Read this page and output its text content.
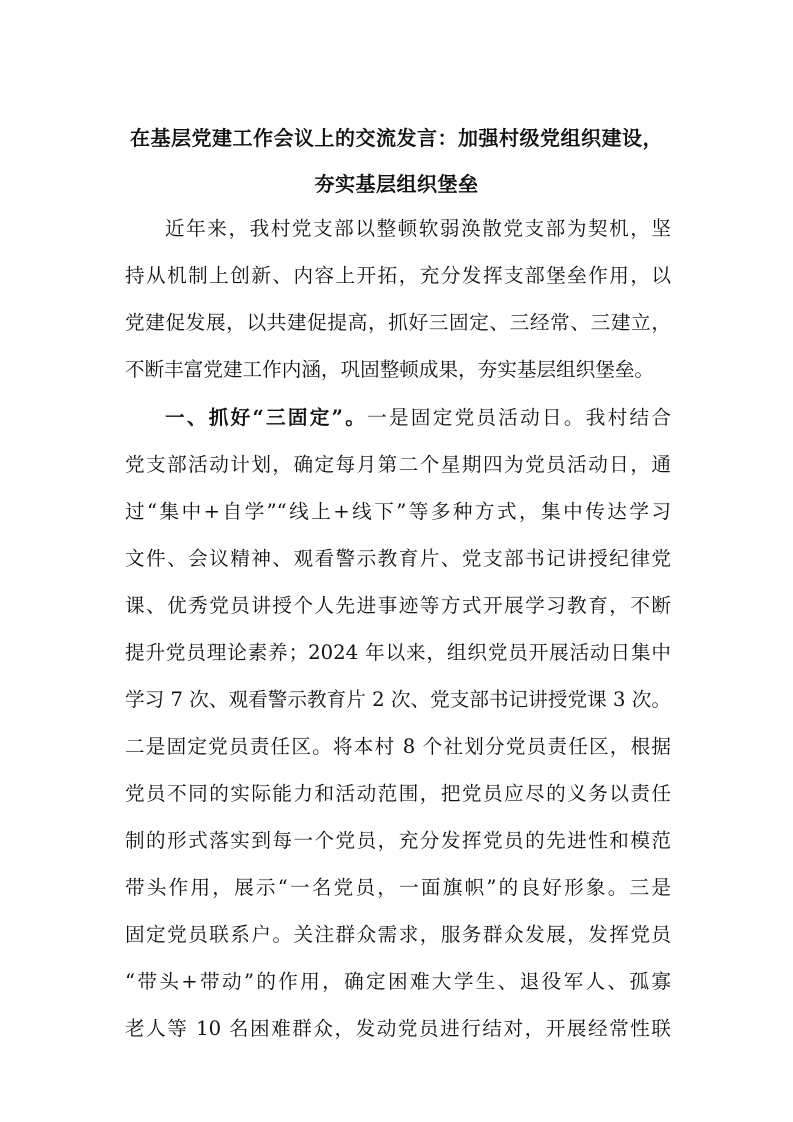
在基层党建工作会议上的交流发言：加强村级党组织建设，
夯实基层组织堡垒
近年来，我村党支部以整顿软弱涣散党支部为契机，坚
持从机制上创新、内容上开拓，充分发挥支部堡垒作用，以
党建促发展，以共建促提高，抓好三固定、三经常、三建立，
不断丰富党建工作内涵，巩固整顿成果，夯实基层组织堡垒。
一、抓好“三固定”。一是固定党员活动日。我村结合
党支部活动计划，确定每月第二个星期四为党员活动日，通
过“集中+自学”“线上+线下”等多种方式，集中传达学习
文件、会议精神、观看警示教育片、党支部书记讲授纪律党
课、优秀党员讲授个人先进事迹等方式开展学习教育，不断
提升党员理论素养；2024 年以来，组织党员开展活动日集中
学习 7 次、观看警示教育片 2 次、党支部书记讲授党课 3 次。
二是固定党员责任区。将本村 8 个社划分党员责任区，根据
党员不同的实际能力和活动范围，把党员应尽的义务以责任
制的形式落实到每一个党员，充分发挥党员的先进性和模范
带头作用，展示“一名党员，一面旗帜”的良好形象。三是
固定党员联系户。关注群众需求，服务群众发展，发挥党员
“带头+带动”的作用，确定困难大学生、退役军人、孤寡
老人等 10 名困难群众，发动党员进行结对，开展经常性联
